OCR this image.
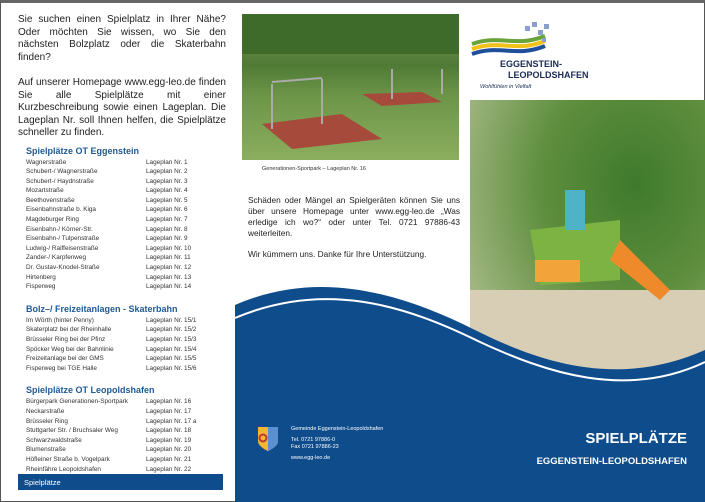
Sie suchen einen Spielplatz in Ihrer Nähe? Oder möchten Sie wissen, wo Sie den nächsten Bolzplatz oder die Skaterbahn finden?

Auf unserer Homepage www.egg-leo.de finden Sie alle Spielplätze mit einer Kurzbeschreibung sowie einen Lageplan. Die Lageplan Nr. soll Ihnen helfen, die Spielplätze schneller zu finden.

Spielplätze OT Eggenstein
Wagnerstraße	Lageplan Nr. 1
Schubert-/ Wagnerstraße	Lageplan Nr. 2
Schubert-/ Haydnstraße	Lageplan Nr. 3
Mozartstraße	Lageplan Nr. 4
Beethovenstraße	Lageplan Nr. 5
Eisenbahnstraße b. Kiga	Lageplan Nr. 6
Magdeburger Ring	Lageplan Nr. 7
Eisenbahn-/ Körner-Str.	Lageplan Nr. 8
Eisenbahn-/ Tulpenstraße	Lageplan Nr. 9
Ludwig-/ Raiffeisenstraße	Lageplan Nr. 10
Zander-/ Karpfenweg	Lageplan Nr. 11
Dr. Gustav-Knodel-Straße	Lageplan Nr. 12
Hirtenberg	Lageplan Nr. 13
Fisperweg	Lageplan Nr. 14
Bolz–/ Freizeitanlagen - Skaterbahn
Im Wörth (hinter Penny)	Lageplan Nr. 15/1
Skaterplatz bei der Rheinhalle	Lageplan Nr. 15/2
Brüsseler Ring bei der Pfinz	Lageplan Nr. 15/3
Spöcker Weg bei der Bahnlinie	Lageplan Nr. 15/4
Freizeitanlage bei der GMS	Lageplan Nr. 15/5
Fisperweg bei TGE Halle	Lageplan Nr. 15/6
Spielplätze OT Leopoldshafen
Bürgerpark Generationen-Sportpark	Lageplan Nr. 16
Neckarstraße	Lageplan Nr. 17
Brüsseler Ring	Lageplan Nr. 17 a
Stuttgarter Str. / Bruchsaler Weg	Lageplan Nr. 18
Schwarzwaldstraße	Lageplan Nr. 19
Blumenstraße	Lageplan Nr. 20
Höfleiner Straße b. Vogelpark	Lageplan Nr. 21
Rheinfähre Leopoldshafen	Lageplan Nr. 22
Spielplätze
Generationen-Sportpark – Lageplan Nr. 16

Schäden oder Mängel an Spielgeräten können Sie uns über unsere Homepage unter www.egg-leo.de „Was erledige ich wo?“ oder unter Tel. 0721 97886-43 weiterleiten.

Wir kümmern uns. Danke für Ihre Unterstützung.

EGGENSTEIN-
LEOPOLDSHAFEN
Wohlfühlen in Vielfalt
Gemeinde Eggenstein-Leopoldshafen
Tel. 0721 97886-0
Fax 0721 97886-23
www.egg-leo.de
SPIELPLÄTZE
EGGENSTEIN-LEOPOLDSHAFEN
